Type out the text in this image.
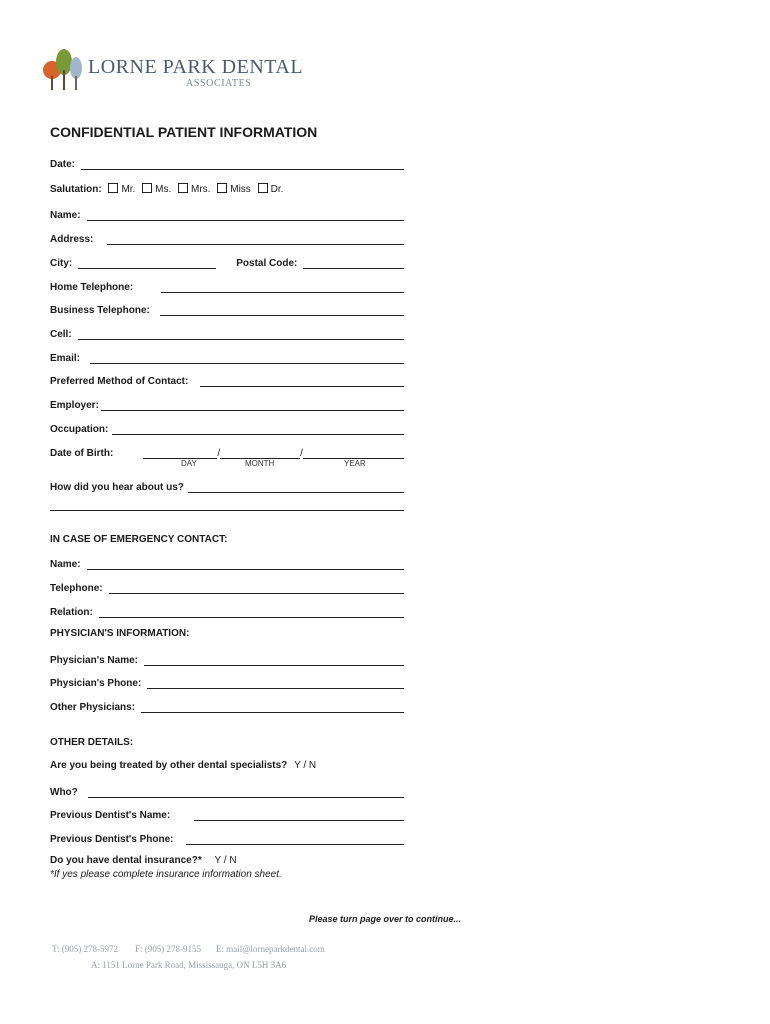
LORNE PARK DENTAL
ASSOCIATES
CONFIDENTIAL PATIENT INFORMATION
Date:
Salutation: Mr. Ms. Mrs. Miss Dr.
Name:
Address:
City:	Postal Code:
Home Telephone:
Business Telephone:
Cell:
Email:
Preferred Method of Contact:
Employer:
Occupation:
Date of Birth:	/	/
DAY	MONTH	YEAR
How did you hear about us?
IN CASE OF EMERGENCY CONTACT:
Name:
Telephone:
Relation:
PHYSICIAN'S INFORMATION:
Physician's Name:
Physician's Phone:
Other Physicians:
OTHER DETAILS:
Are you being treated by other dental specialists? Y / N
Who?
Previous Dentist's Name:
Previous Dentist's Phone:
Do you have dental insurance?* Y / N
*If yes please complete insurance information sheet.
Please turn page over to continue...
T: (905) 278-5972 F: (905) 278-9155 E: mail@lorneparkdental.com
A: 1151 Lorne Park Road, Mississauga, ON L5H 3A6
